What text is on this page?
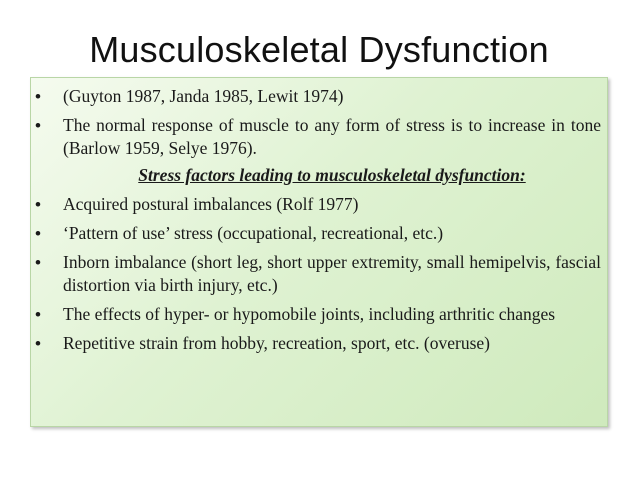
Musculoskeletal Dysfunction
• (Guyton 1987, Janda 1985, Lewit 1974)
• The normal response of muscle to any form of stress is to increase in tone (Barlow 1959, Selye 1976).
Stress factors leading to musculoskeletal dysfunction:
• Acquired postural imbalances (Rolf 1977)
• ‘Pattern of use’ stress (occupational, recreational, etc.)
• Inborn imbalance (short leg, short upper extremity, small hemipelvis, fascial distortion via birth injury, etc.)
• The effects of hyper- or hypomobile joints, including arthritic changes
• Repetitive strain from hobby, recreation, sport, etc. (overuse)
